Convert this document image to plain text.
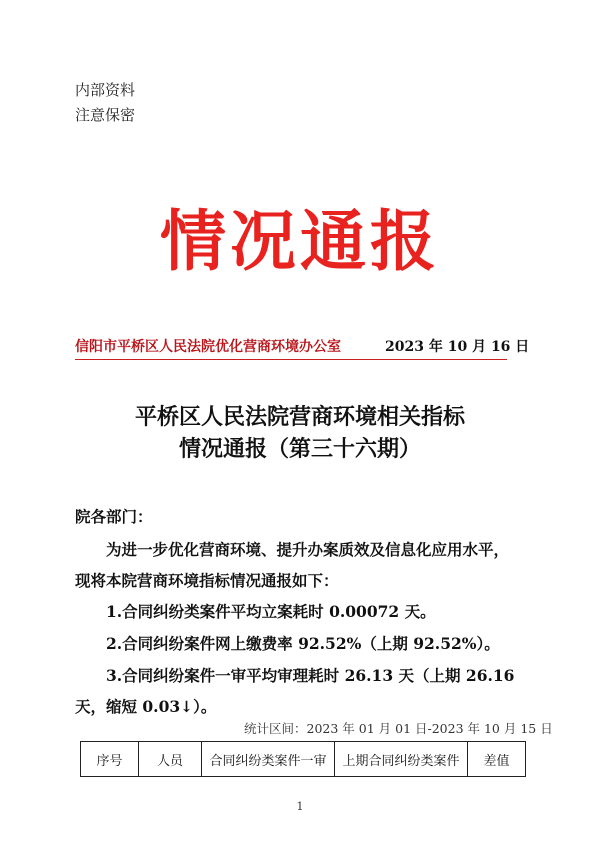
内部资料
注意保密
情况通报
信阳市平桥区人民法院优化营商环境办公室	2023 年 10 月 16 日
平桥区人民法院营商环境相关指标
情况通报（第三十六期）
院各部门：
为进一步优化营商环境、提升办案质效及信息化应用水平，
现将本院营商环境指标情况通报如下：
1.合同纠纷类案件平均立案耗时 0.00072 天。
2.合同纠纷案件网上缴费率 92.52%（上期 92.52%）。
3.合同纠纷案件一审平均审理耗时 26.13 天（上期 26.16
天，缩短 0.03↓）。
统计区间：2023 年 01 月 01 日-2023 年 10 月 15 日
序号	人员	合同纠纷类案件一审	上期合同纠纷类案件	差值
1
